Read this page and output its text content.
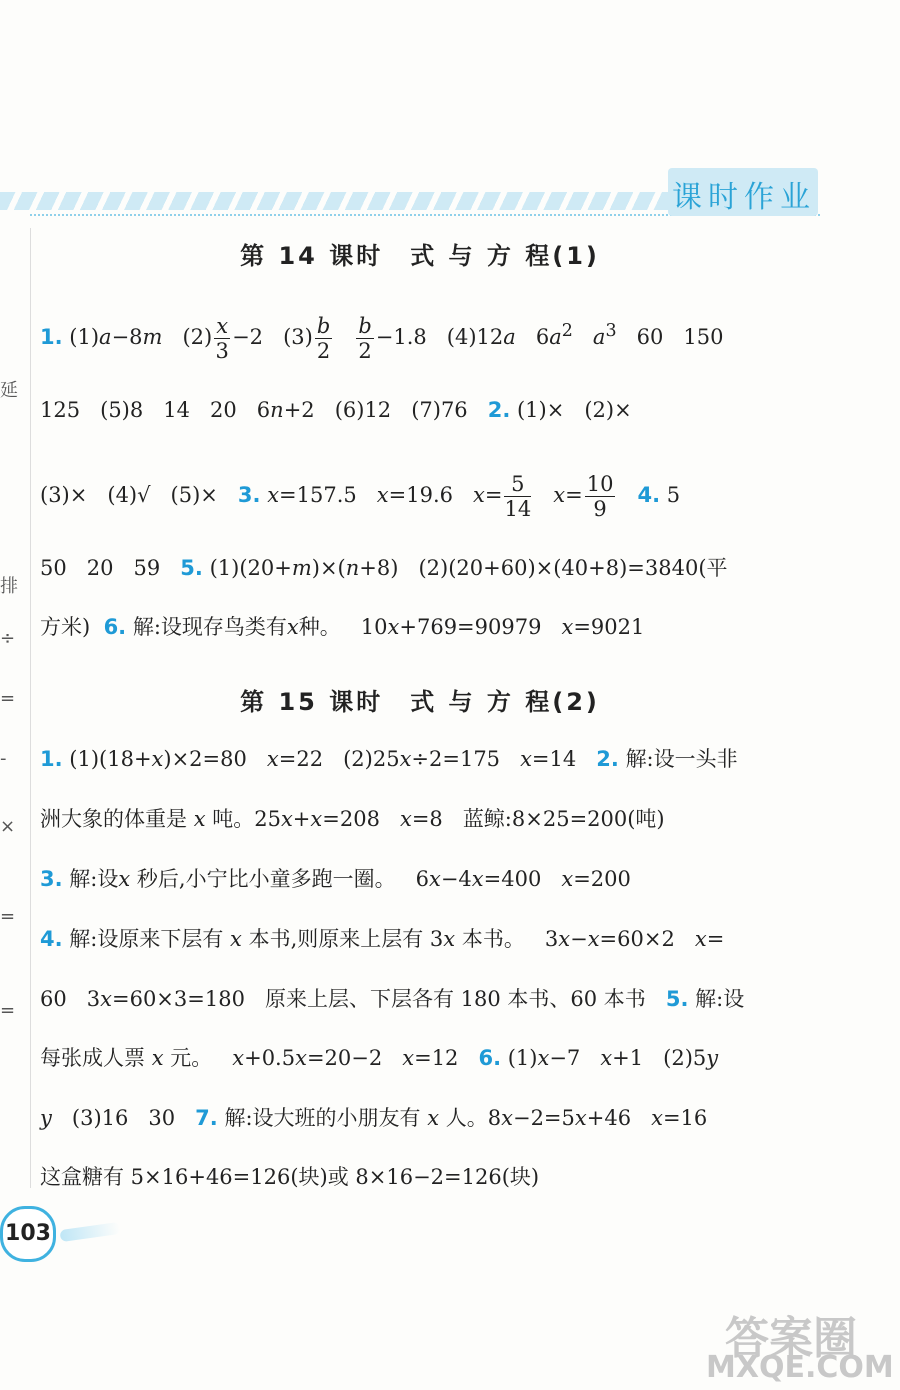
课时作业
延
排
÷
=
-
×
=
=
第 14 课时　式 与 方 程(1)
1. (1)a−8m $(2) \frac{x}{3} -2$ $(3) \frac{b}{2}$
$\frac{b}{2} -1.8$ (4)12a $6a^2$ $a^3$ 60 150
125 (5)8 14 20 6n+2 (6)12 (7)76 2. (1)× (2)×
(3)× (4)√ (5)× 3. x=157.5 x=19.6 $x= \frac{5}{14} x= \frac{10}{9} 4$. 5
50 20 59 5. (1)(20+m)×(n+8) (2)(20+60)×(40+8)=3840(平
方米) 6. 解:设现存鸟类有x种。 10x+769=90979 x=9021
第 15 课时　式 与 方 程(2)
1. (1)(18+x)×2=80 x=22 (2)25x÷2=175 x=14 2. 解:设一头非
洲大象的体重是 x 吨。25x+x=208 x=8 蓝鲸:8×25=200(吨)
3. 解:设x 秒后,小宁比小童多跑一圈。 6x−4x=400 x=200
4. 解:设原来下层有 x 本书,则原来上层有 3x 本书。 3x−x=60×2 x=
60 3x=60×3=180 原来上层、下层各有 180 本书、60 本书 5. 解:设
每张成人票 x 元。 x+0.5x=20−2 x=12 6. (1)x−7 x+1 (2)5y
y (3)16 30 7. 解:设大班的小朋友有 x 人。8x−2=5x+46 x=16
这盒糖有 5×16+46=126(块)或 8×16−2=126(块)
103
答案圈
MXQE.COM
